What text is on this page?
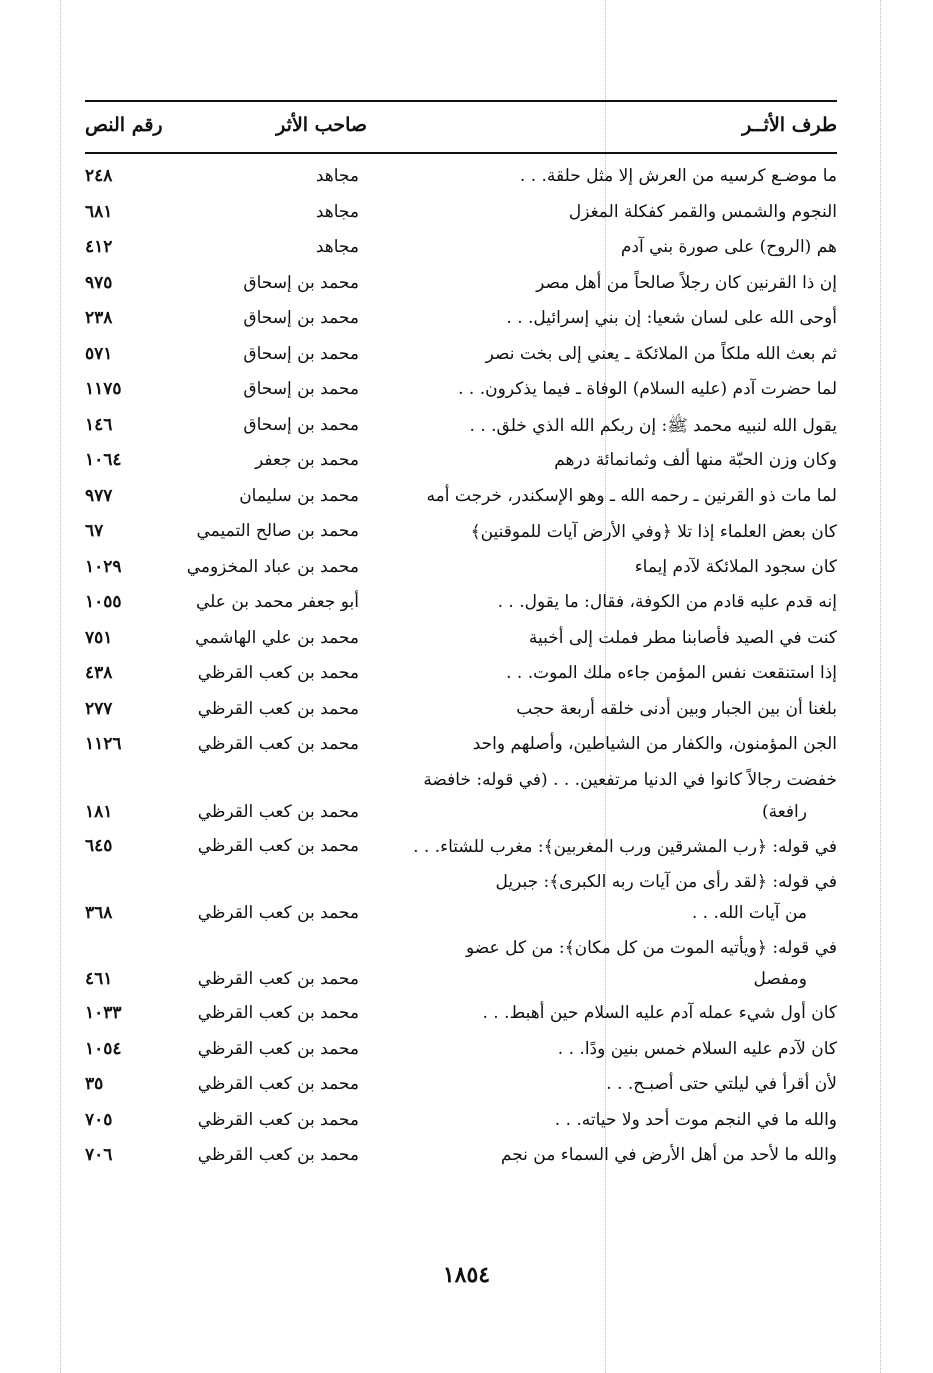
طرف الأثــر
صاحب الأثر
رقم النص
ما موضـع كرسيه من العرش إلا مثل حلقة. . .
مجاهد
٢٤٨
النجوم والشمس والقمر كفكلة المغزل
مجاهد
٦٨١
هم (الروح) على صورة بني آدم
مجاهد
٤١٢
إن ذا القرنين كان رجلاً صالحاً من أهل مصر
محمد بن إسحاق
٩٧٥
أوحى الله على لسان شعيا: إن بني إسرائيل. . .
محمد بن إسحاق
٢٣٨
ثم بعث الله ملكاً من الملائكة ـ يعني إلى بخت نصر
محمد بن إسحاق
٥٧١
لما حضرت آدم (عليه السلام) الوفاة ـ فيما يذكرون. . .
محمد بن إسحاق
١١٧٥
يقول الله لنبيه محمد ﷺ: إن ربكم الله الذي خلق. . .
محمد بن إسحاق
١٤٦
وكان وزن الحبّة منها ألف وثمانمائة درهم
محمد بن جعفر
١٠٦٤
لما مات ذو القرنين ـ رحمه الله ـ وهو الإسكندر، خرجت أمه
محمد بن سليمان
٩٧٧
كان بعض العلماء إذا تلا ﴿وفي الأرض آيات للموقنين﴾
محمد بن صالح التميمي
٦٧
كان سجود الملائكة لآدم إيماء
محمد بن عباد المخزومي
١٠٢٩
إنه قدم عليه قادم من الكوفة، فقال: ما يقول. . .
أبو جعفر محمد بن علي
١٠٥٥
كنت في الصيد فأصابنا مطر فملت إلى أخبية
محمد بن علي الهاشمي
٧٥١
إذا استنقعت نفس المؤمن جاءه ملك الموت. . .
محمد بن كعب القرظي
٤٣٨
بلغنا أن بين الجبار وبين أدنى خلقه أربعة حجب
محمد بن كعب القرظي
٢٧٧
الجن المؤمنون، والكفار من الشياطين، وأصلهم واحد
محمد بن كعب القرظي
١١٢٦
خفضت رجالاً كانوا في الدنيا مرتفعين. . . (في قوله: خافضة
رافعة)
محمد بن كعب القرظي
١٨١
في قوله: ﴿رب المشرقين ورب المغربين﴾: مغرب للشتاء. . .
محمد بن كعب القرظي
٦٤٥
في قوله: ﴿لقد رأى من آيات ربه الكبرى﴾: جبريل
من آيات الله. . .
محمد بن كعب القرظي
٣٦٨
في قوله: ﴿ويأتيه الموت من كل مكان﴾: من كل عضو
ومفصل
محمد بن كعب القرظي
٤٦١
كان أول شيء عمله آدم عليه السلام حين أهبط. . .
محمد بن كعب القرظي
١٠٣٣
كان لآدم عليه السلام خمس بنين ودًا. . .
محمد بن كعب القرظي
١٠٥٤
لأن أقرأ في ليلتي حتى أصبـح. . .
محمد بن كعب القرظي
٣٥
والله ما في النجم موت أحد ولا حياته. . .
محمد بن كعب القرظي
٧٠٥
والله ما لأحد من أهل الأرض في السماء من نجم
محمد بن كعب القرظي
٧٠٦
١٨٥٤
